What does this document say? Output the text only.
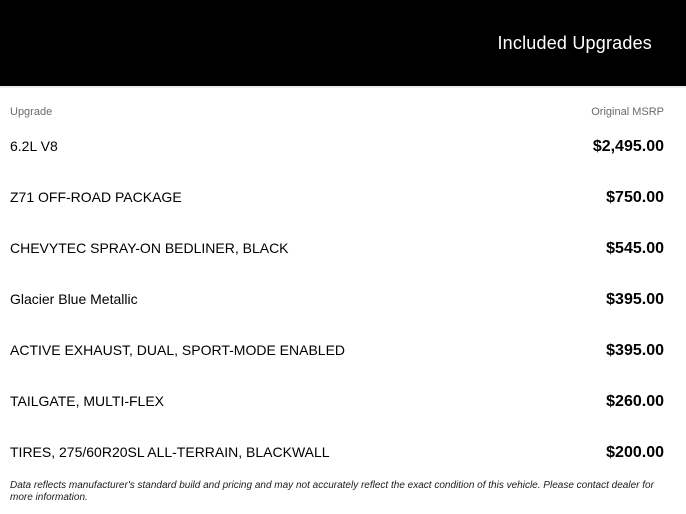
Included Upgrades
Upgrade	Original MSRP
6.2L V8	$2,495.00
Z71 OFF-ROAD PACKAGE	$750.00
CHEVYTEC SPRAY-ON BEDLINER, BLACK	$545.00
Glacier Blue Metallic	$395.00
ACTIVE EXHAUST, DUAL, SPORT-MODE ENABLED	$395.00
TAILGATE, MULTI-FLEX	$260.00
TIRES, 275/60R20SL ALL-TERRAIN, BLACKWALL	$200.00
Data reflects manufacturer's standard build and pricing and may not accurately reflect the exact condition of this vehicle. Please contact dealer for more information.
